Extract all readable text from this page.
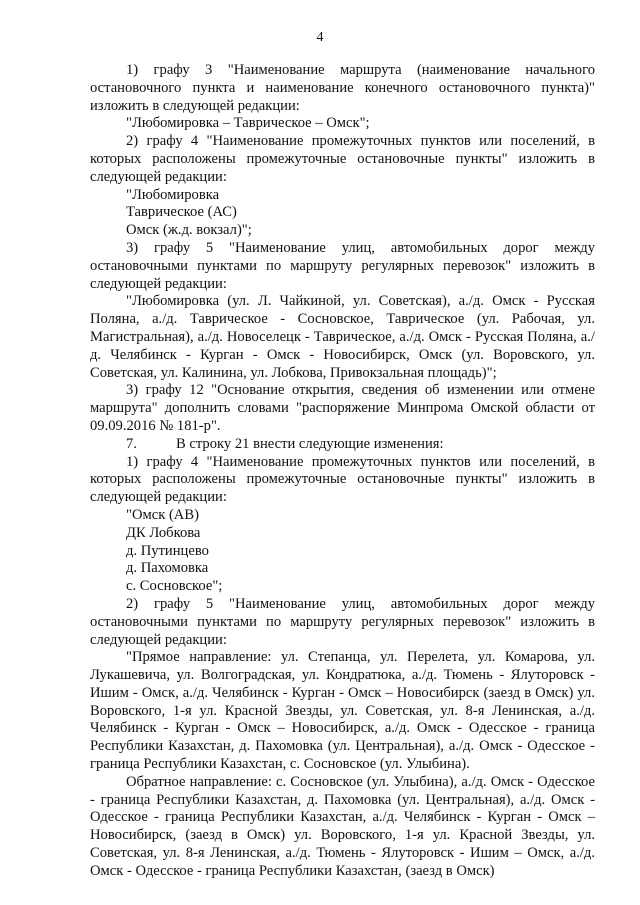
4

1) графу 3 "Наименование маршрута (наименование начального остановочного пункта и наименование конечного остановочного пункта)" изложить в следующей редакции:

"Любомировка – Таврическое – Омск";

2) графу 4 "Наименование промежуточных пунктов или поселений, в которых расположены промежуточные остановочные пункты" изложить в следующей редакции:

"Любомировка
Таврическое (АС)
Омск (ж.д. вокзал)";

3) графу 5 "Наименование улиц, автомобильных дорог между остановочными пунктами по маршруту регулярных перевозок" изложить в следующей редакции:

"Любомировка (ул. Л. Чайкиной, ул. Советская), а./д. Омск - Русская Поляна, а./д. Таврическое - Сосновское, Таврическое (ул. Рабочая, ул. Магистральная), а./д. Новоселецк - Таврическое, а./д. Омск - Русская Поляна, а./д. Челябинск - Курган - Омск - Новосибирск, Омск (ул. Воровского, ул. Советская, ул. Калинина, ул. Лобкова, Привокзальная площадь)";

3) графу 12 "Основание открытия, сведения об изменении или отмене маршрута" дополнить словами "распоряжение Минпрома Омской области от 09.09.2016 № 181-р".

7.	В строку 21 внести следующие изменения:

1) графу 4 "Наименование промежуточных пунктов или поселений, в которых расположены промежуточные остановочные пункты" изложить в следующей редакции:

"Омск (АВ)
ДК Лобкова
д. Путинцево
д. Пахомовка
с. Сосновское";

2) графу 5 "Наименование улиц, автомобильных дорог между остановочными пунктами по маршруту регулярных перевозок" изложить в следующей редакции:

"Прямое направление: ул. Степанца, ул. Перелета, ул. Комарова, ул. Лукашевича, ул. Волгоградская, ул. Кондратюка, а./д. Тюмень - Ялуторовск - Ишим - Омск, а./д. Челябинск - Курган - Омск – Новосибирск (заезд в Омск) ул. Воровского, 1-я ул. Красной Звезды, ул. Советская, ул. 8-я Ленинская, а./д. Челябинск - Курган - Омск – Новосибирск, а./д. Омск - Одесское - граница Республики Казахстан, д. Пахомовка (ул. Центральная), а./д. Омск - Одесское - граница Республики Казахстан, с. Сосновское (ул. Улыбина).

Обратное направление: с. Сосновское (ул. Улыбина), а./д. Омск - Одесское - граница Республики Казахстан, д. Пахомовка (ул. Центральная), а./д. Омск - Одесское - граница Республики Казахстан, а./д. Челябинск - Курган - Омск – Новосибирск, (заезд в Омск) ул. Воровского, 1-я ул. Красной Звезды, ул. Советская, ул. 8-я Ленинская, а./д. Тюмень - Ялуторовск - Ишим – Омск, а./д. Омск - Одесское - граница Республики Казахстан, (заезд в Омск)
